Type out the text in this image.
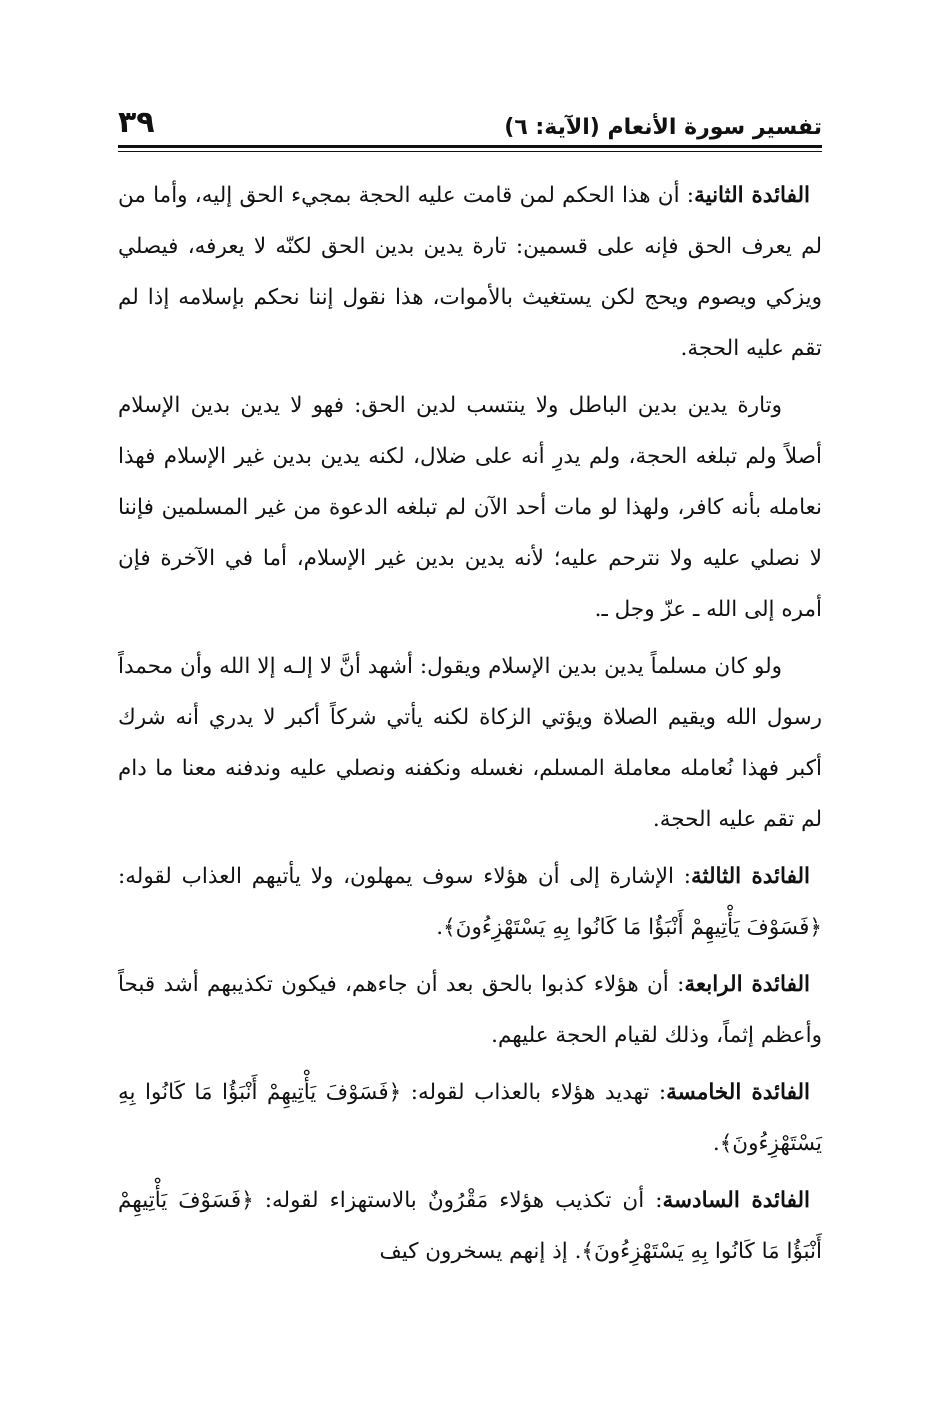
تفسير سورة الأنعام (الآية: ٦)
٣٩

الفائدة الثانية: أن هذا الحكم لمن قامت عليه الحجة بمجيء الحق إليه، وأما من لم يعرف الحق فإنه على قسمين: تارة يدين بدين الحق لكنّه لا يعرفه، فيصلي ويزكي ويصوم ويحج لكن يستغيث بالأموات، هذا نقول إننا نحكم بإسلامه إذا لم تقم عليه الحجة.

وتارة يدين بدين الباطل ولا ينتسب لدين الحق: فهو لا يدين بدين الإسلام أصلاً ولم تبلغه الحجة، ولم يدرِ أنه على ضلال، لكنه يدين بدين غير الإسلام فهذا نعامله بأنه كافر، ولهذا لو مات أحد الآن لم تبلغه الدعوة من غير المسلمين فإننا لا نصلي عليه ولا نترحم عليه؛ لأنه يدين بدين غير الإسلام، أما في الآخرة فإن أمره إلى الله ـ عزّ وجل ـ.

ولو كان مسلماً يدين بدين الإسلام ويقول: أشهد أنَّ لا إلـه إلا الله وأن محمداً رسول الله ويقيم الصلاة ويؤتي الزكاة لكنه يأتي شركاً أكبر لا يدري أنه شرك أكبر فهذا نُعامله معاملة المسلم، نغسله ونكفنه ونصلي عليه وندفنه معنا ما دام لم تقم عليه الحجة.

الفائدة الثالثة: الإشارة إلى أن هؤلاء سوف يمهلون، ولا يأتيهم العذاب لقوله: ﴿فَسَوْفَ يَأْتِيهِمْ أَنْبَؤُا مَا كَانُوا بِهِ يَسْتَهْزِءُونَ﴾.

الفائدة الرابعة: أن هؤلاء كذبوا بالحق بعد أن جاءهم، فيكون تكذيبهم أشد قبحاً وأعظم إثماً، وذلك لقيام الحجة عليهم.

الفائدة الخامسة: تهديد هؤلاء بالعذاب لقوله: ﴿فَسَوْفَ يَأْتِيهِمْ أَنْبَؤُا مَا كَانُوا بِهِ يَسْتَهْزِءُونَ﴾.

الفائدة السادسة: أن تكذيب هؤلاء مَقْرُونٌ بالاستهزاء لقوله: ﴿فَسَوْفَ يَأْتِيهِمْ أَنْبَؤُا مَا كَانُوا بِهِ يَسْتَهْزِءُونَ﴾. إذ إنهم يسخرون كيف
